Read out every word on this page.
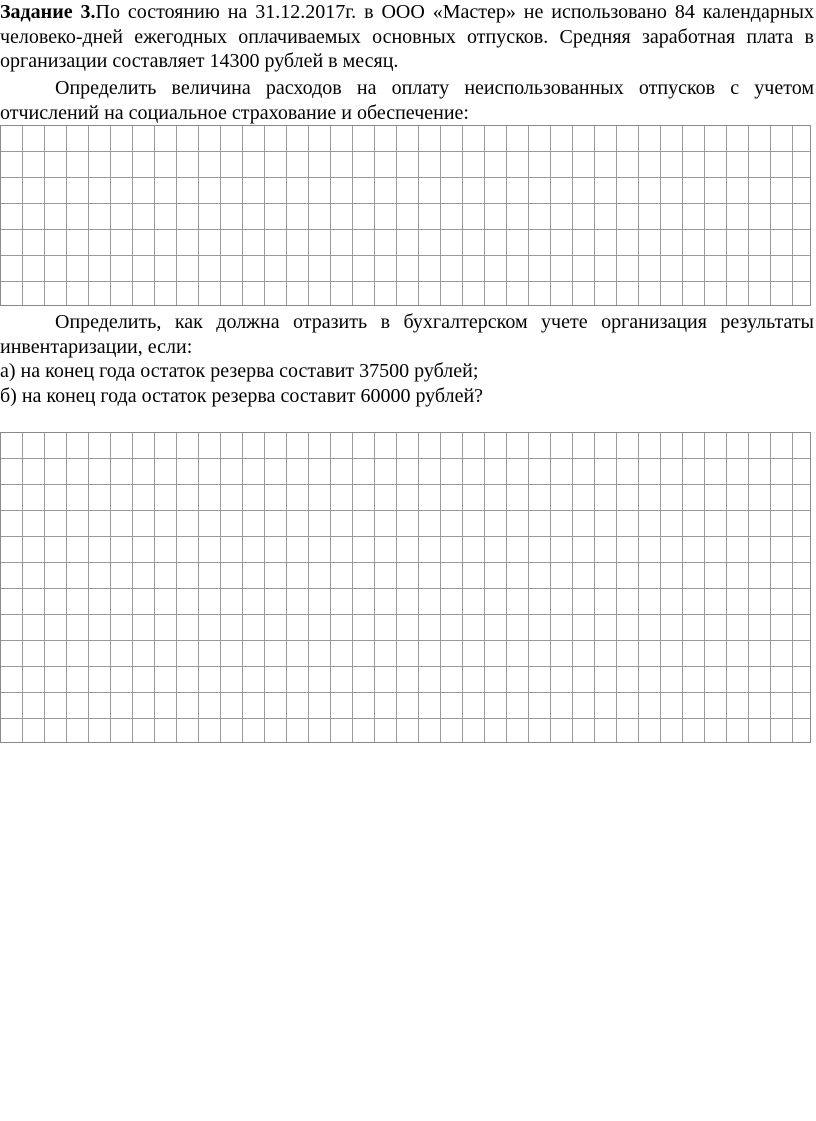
Задание 3.По состоянию на 31.12.2017г. в ООО «Мастер» не использовано 84 календарных человеко-дней ежегодных оплачиваемых основных отпусков. Средняя заработная плата в организации составляет 14300 рублей в месяц.

Определить величина расходов на оплату неиспользованных отпусков с учетом отчислений на социальное страхование и обеспечение:

Определить, как должна отразить в бухгалтерском учете организация результаты инвентаризации, если:

а) на конец года остаток резерва составит 37500 рублей;

б) на конец года остаток резерва составит 60000 рублей?
